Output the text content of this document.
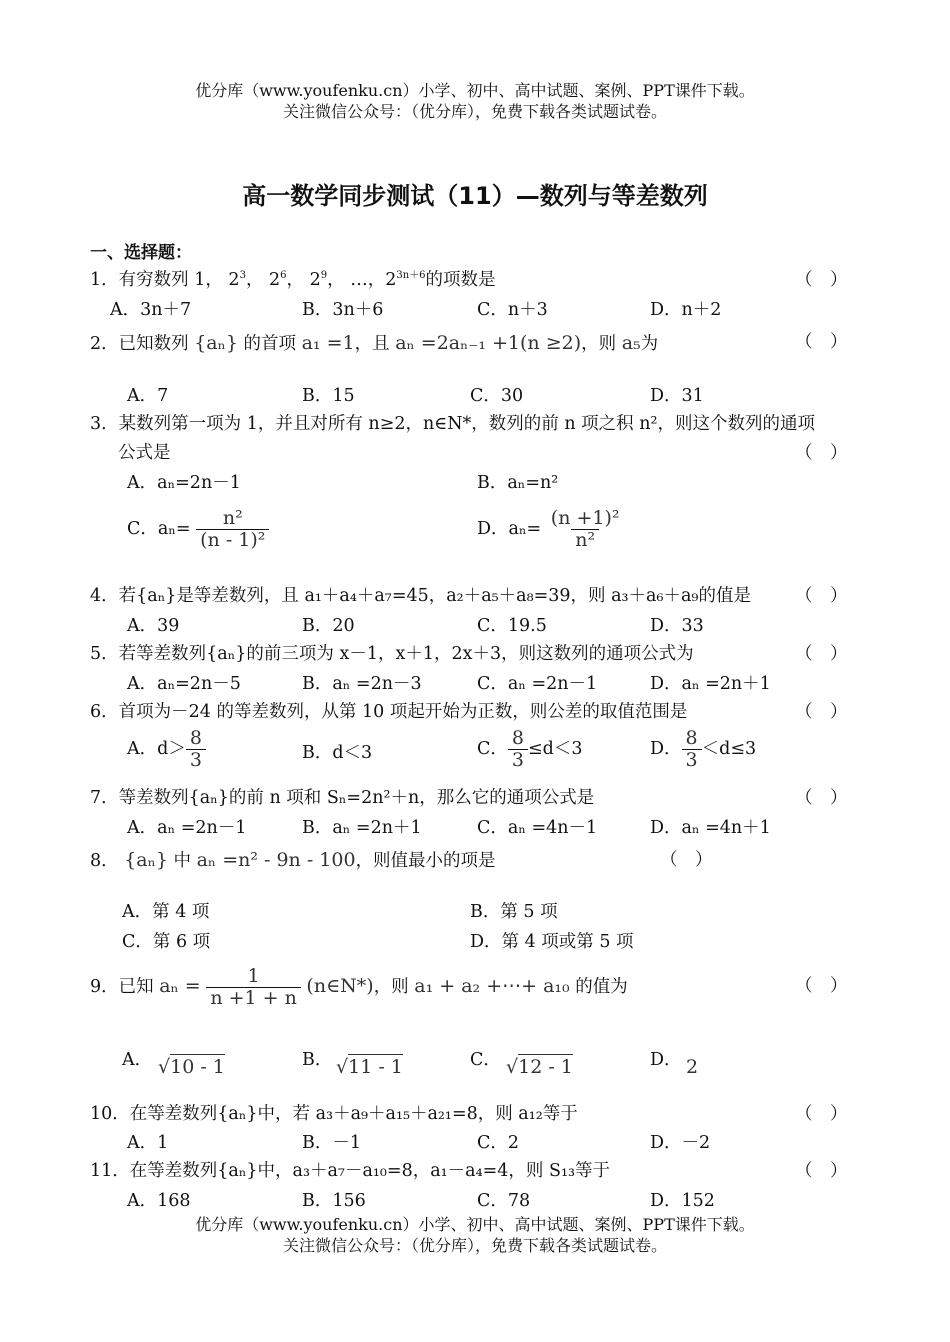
优分库（www.youfenku.cn）小学、初中、高中试题、案例、PPT课件下载。
关注微信公众号：（优分库），免费下载各类试题试卷。
高一数学同步测试（11）—数列与等差数列
一、选择题：
1．有穷数列 1， $2^3$， $2^6$， $2^9$， …，$2^{3n+6}$的项数是	（　）
A．3n＋7	B．3n＋6	C．n＋3	D．n＋2
2．已知数列 {aₙ} 的首项 a₁ =1，且 aₙ =2aₙ₋₁ +1(n ≥2)，则 a₅为	（　）
A．7	B．15	C．30	D．31
3．某数列第一项为 1，并且对所有 n≥2，n∈N*，数列的前 n 项之积 n²，则这个数列的通项
公式是	（　）
A．aₙ=2n－1	B．aₙ=n²
C．$a_n= \frac{\text{n²}}{\text{(n - 1)²}}$	D．$a_n= \frac{\text{(n +1)²}}{\text{n²}}$
4．若{aₙ}是等差数列，且 a₁＋a₄＋a₇=45，a₂＋a₅＋a₈=39，则 a₃＋a₆＋a₉的值是	（　）
A．39	B．20	C．19.5	D．33
5．若等差数列{aₙ}的前三项为 x－1，x＋1，2x＋3，则这数列的通项公式为	（　）
A．aₙ=2n－5	B．aₙ =2n－3	C．aₙ =2n－1	D．aₙ =2n＋1
6．首项为－24 的等差数列，从第 10 项起开始为正数，则公差的取值范围是	（　）
A．$d> \frac{8}{3}$	B．d＜3	C． $\frac{8}{3} \le d<3$	D． $\frac{8}{3} <d\le 3$
7．等差数列{aₙ}的前 n 项和 Sₙ=2n²＋n，那么它的通项公式是	（　）
A．aₙ =2n－1	B．aₙ =2n＋1	C．aₙ =4n－1	D．aₙ =4n＋1
8． {aₙ} 中 aₙ =n² - 9n - 100，则值最小的项是	（　）
A．第 4 项	B．第 5 项
C．第 6 项	D．第 4 项或第 5 项
9．已知 $a_n = \frac{1}{n +1 + n}$ (n∈N*)，则 a₁ + a₂ +⋯+ a₁₀ 的值为	（　）
A． √10 - 1	B． √11 - 1	C． √12 - 1	D． 2
10．在等差数列{aₙ}中，若 a₃＋a₉＋a₁₅＋a₂₁=8，则 a₁₂等于	（　）
A．1	B．－1	C．2	D．－2
11．在等差数列{aₙ}中，a₃＋a₇－a₁₀=8，a₁－a₄=4，则 S₁₃等于	（　）
A．168	B．156	C．78	D．152
优分库（www.youfenku.cn）小学、初中、高中试题、案例、PPT课件下载。
关注微信公众号：（优分库），免费下载各类试题试卷。
